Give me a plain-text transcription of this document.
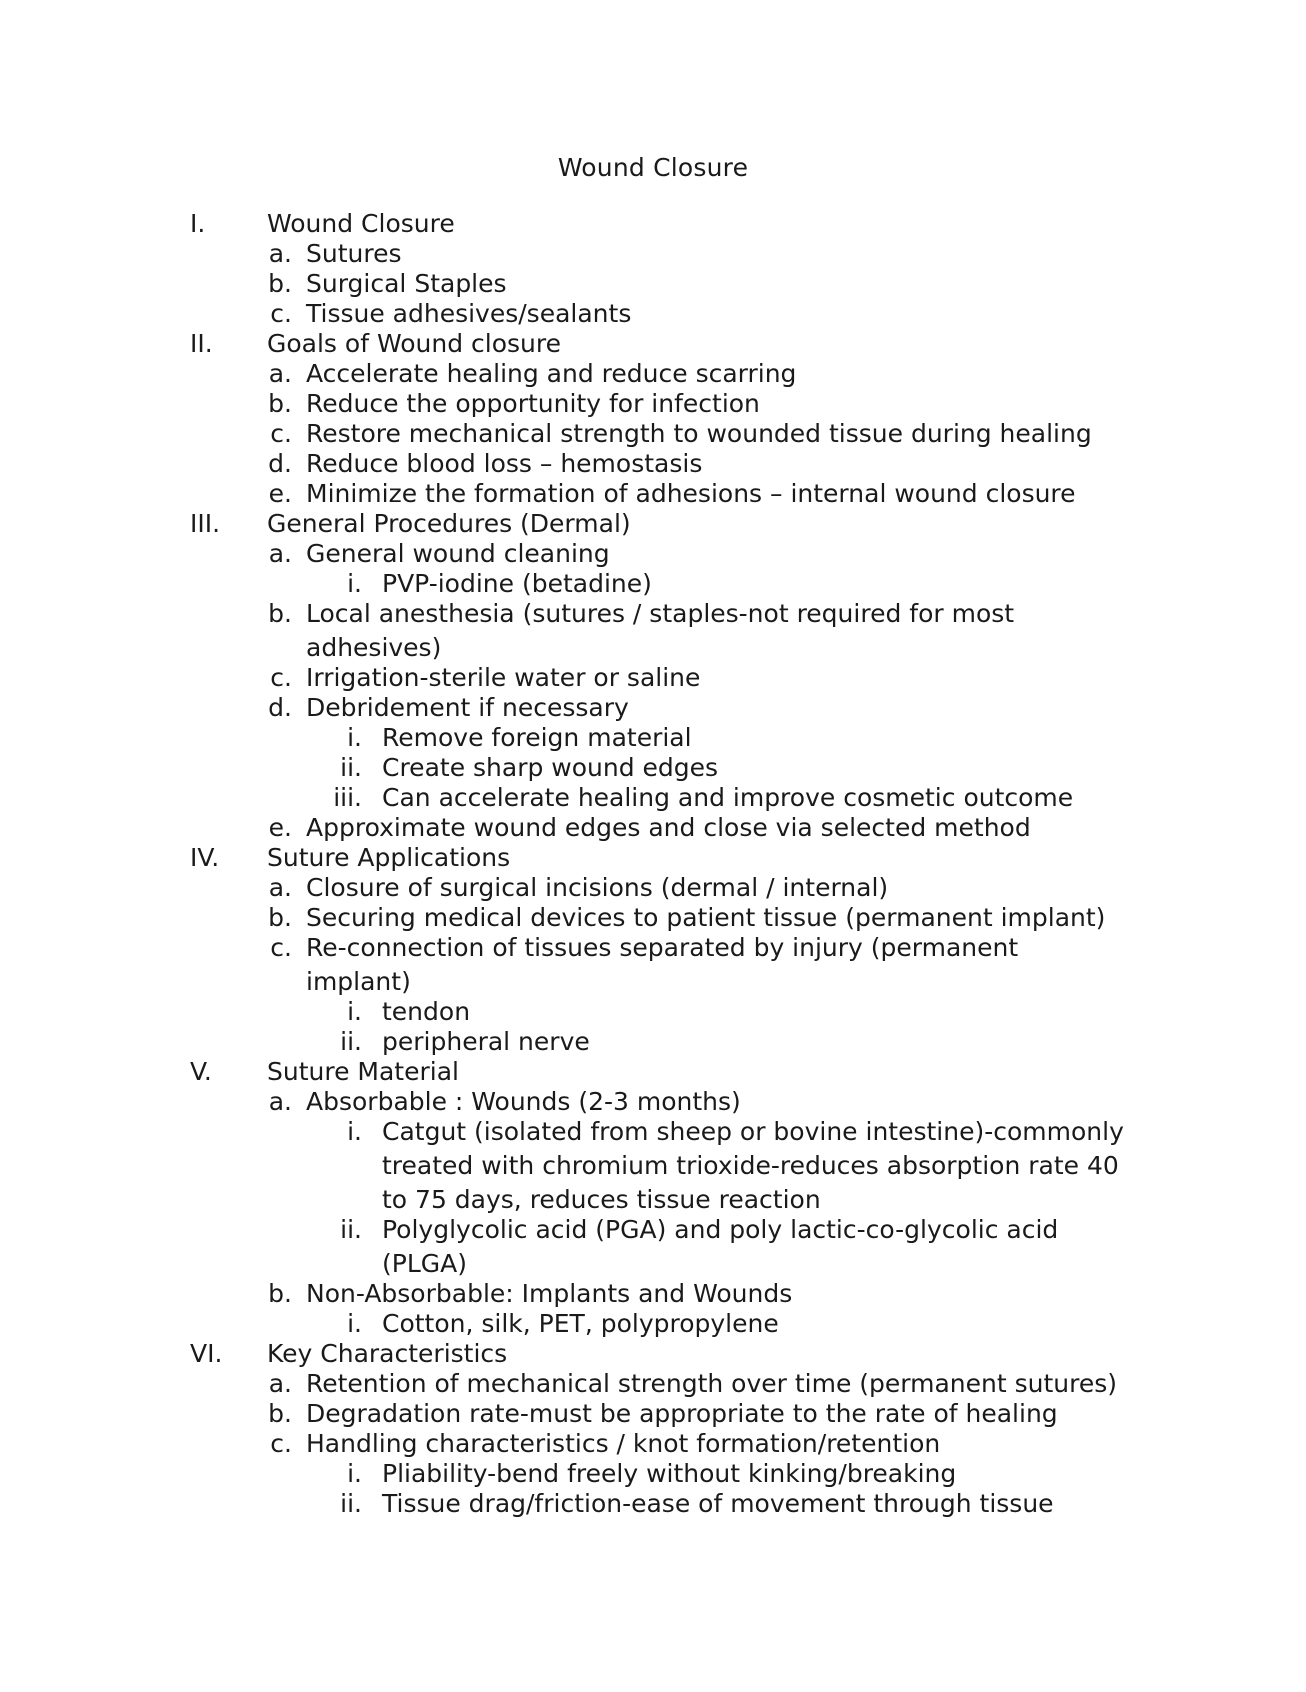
Wound Closure
I. Wound Closure
a. Sutures
b. Surgical Staples
c. Tissue adhesives/sealants
II. Goals of Wound closure
a. Accelerate healing and reduce scarring
b. Reduce the opportunity for infection
c. Restore mechanical strength to wounded tissue during healing
d. Reduce blood loss – hemostasis
e. Minimize the formation of adhesions – internal wound closure
III. General Procedures (Dermal)
a. General wound cleaning
i. PVP-iodine (betadine)
b. Local anesthesia (sutures / staples-not required for most
adhesives)
c. Irrigation-sterile water or saline
d. Debridement if necessary
i. Remove foreign material
ii. Create sharp wound edges
iii. Can accelerate healing and improve cosmetic outcome
e. Approximate wound edges and close via selected method
IV. Suture Applications
a. Closure of surgical incisions (dermal / internal)
b. Securing medical devices to patient tissue (permanent implant)
c. Re-connection of tissues separated by injury (permanent
implant)
i. tendon
ii. peripheral nerve
V. Suture Material
a. Absorbable : Wounds (2-3 months)
i. Catgut (isolated from sheep or bovine intestine)-commonly
treated with chromium trioxide-reduces absorption rate 40
to 75 days, reduces tissue reaction
ii. Polyglycolic acid (PGA) and poly lactic-co-glycolic acid
(PLGA)
b. Non-Absorbable: Implants and Wounds
i. Cotton, silk, PET, polypropylene
VI. Key Characteristics
a. Retention of mechanical strength over time (permanent sutures)
b. Degradation rate-must be appropriate to the rate of healing
c. Handling characteristics / knot formation/retention
i. Pliability-bend freely without kinking/breaking
ii. Tissue drag/friction-ease of movement through tissue
